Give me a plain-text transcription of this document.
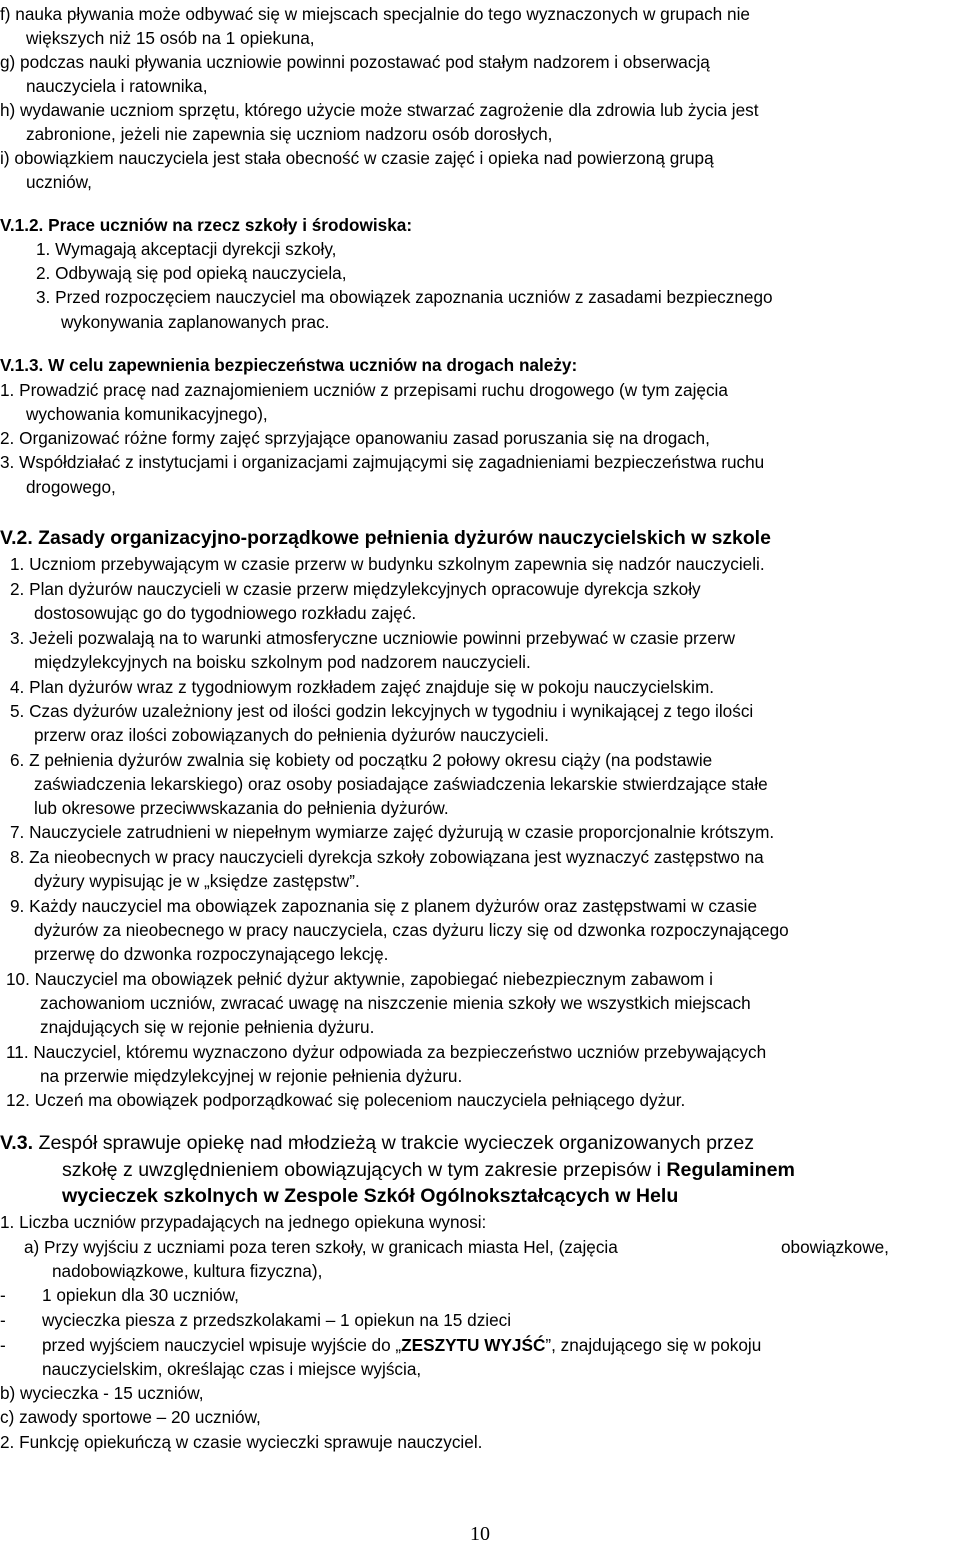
f) nauka pływania może odbywać się w miejscach specjalnie do tego wyznaczonych w grupach nie

większych niż 15 osób na 1 opiekuna,

g) podczas nauki pływania uczniowie powinni pozostawać pod stałym nadzorem i obserwacją

nauczyciela i ratownika,

h) wydawanie uczniom sprzętu, którego użycie może stwarzać zagrożenie dla zdrowia lub życia jest

zabronione, jeżeli nie zapewnia się uczniom nadzoru osób dorosłych,

i) obowiązkiem nauczyciela jest stała obecność w czasie zajęć i opieka nad powierzoną grupą

uczniów,

V.1.2. Prace uczniów na rzecz szkoły i środowiska:

1. Wymagają akceptacji dyrekcji szkoły,

2. Odbywają się pod opieką nauczyciela,

3. Przed rozpoczęciem nauczyciel ma obowiązek zapoznania uczniów z zasadami bezpiecznego

wykonywania zaplanowanych prac.

V.1.3. W celu zapewnienia bezpieczeństwa uczniów na drogach należy:

1. Prowadzić pracę nad zaznajomieniem uczniów z przepisami ruchu drogowego (w tym zajęcia

wychowania komunikacyjnego),

2. Organizować różne formy zajęć sprzyjające opanowaniu zasad poruszania się na drogach,

3. Współdziałać z instytucjami i organizacjami zajmującymi się zagadnieniami bezpieczeństwa ruchu

drogowego,

V.2. Zasady organizacyjno-porządkowe pełnienia dyżurów nauczycielskich w szkole

1. Uczniom przebywającym w czasie przerw w budynku szkolnym zapewnia się nadzór nauczycieli.

2. Plan dyżurów nauczycieli w czasie przerw międzylekcyjnych opracowuje dyrekcja szkoły

dostosowując go do tygodniowego rozkładu zajęć.

3. Jeżeli pozwalają na to warunki atmosferyczne uczniowie powinni przebywać w czasie przerw

międzylekcyjnych na boisku szkolnym pod nadzorem nauczycieli.

4. Plan dyżurów wraz z tygodniowym rozkładem zajęć znajduje się w pokoju nauczycielskim.

5. Czas dyżurów uzależniony jest od ilości godzin lekcyjnych w tygodniu i wynikającej z tego ilości

przerw oraz ilości zobowiązanych do pełnienia dyżurów nauczycieli.

6. Z pełnienia dyżurów zwalnia się kobiety od początku 2 połowy okresu ciąży (na podstawie

zaświadczenia lekarskiego) oraz osoby posiadające zaświadczenia lekarskie stwierdzające stałe

lub okresowe przeciwwskazania do pełnienia dyżurów.

7. Nauczyciele zatrudnieni w niepełnym wymiarze zajęć dyżurują w czasie proporcjonalnie krótszym.

8. Za nieobecnych w pracy nauczycieli dyrekcja szkoły zobowiązana jest wyznaczyć zastępstwo na

dyżury wypisując je w „księdze zastępstw”.

9. Każdy nauczyciel ma obowiązek zapoznania się z planem dyżurów oraz zastępstwami w czasie

dyżurów za nieobecnego w pracy nauczyciela, czas dyżuru liczy się od dzwonka rozpoczynającego

przerwę do dzwonka rozpoczynającego lekcję.

10. Nauczyciel ma obowiązek pełnić dyżur aktywnie, zapobiegać niebezpiecznym zabawom i

zachowaniom uczniów, zwracać uwagę na niszczenie mienia szkoły we wszystkich miejscach

znajdujących się w rejonie pełnienia dyżuru.

11. Nauczyciel, któremu wyznaczono dyżur odpowiada za bezpieczeństwo uczniów przebywających

na przerwie międzylekcyjnej w rejonie pełnienia dyżuru.

12. Uczeń ma obowiązek podporządkować się poleceniom nauczyciela pełniącego dyżur.

V.3. Zespół sprawuje opiekę nad młodzieżą w trakcie wycieczek organizowanych przez

szkołę z uwzględnieniem obowiązujących w tym zakresie przepisów i Regulaminem

wycieczek szkolnych w Zespole Szkół Ogólnokształcących w Helu

1. Liczba uczniów przypadających na jednego opiekuna wynosi:

a) Przy wyjściu z uczniami poza teren szkoły, w granicach miasta Hel, (zajęcia	obowiązkowe,

nadobowiązkowe, kultura fizyczna),

- 1 opiekun dla 30 uczniów,

- wycieczka piesza z przedszkolakami – 1 opiekun na 15 dzieci

- przed wyjściem nauczyciel wpisuje wyjście do „ZESZYTU WYJŚĆ”, znajdującego się w pokoju

nauczycielskim, określając czas i miejsce wyjścia,

b) wycieczka - 15 uczniów,

c) zawody sportowe – 20 uczniów,

2. Funkcję opiekuńczą w czasie wycieczki sprawuje nauczyciel.

10
